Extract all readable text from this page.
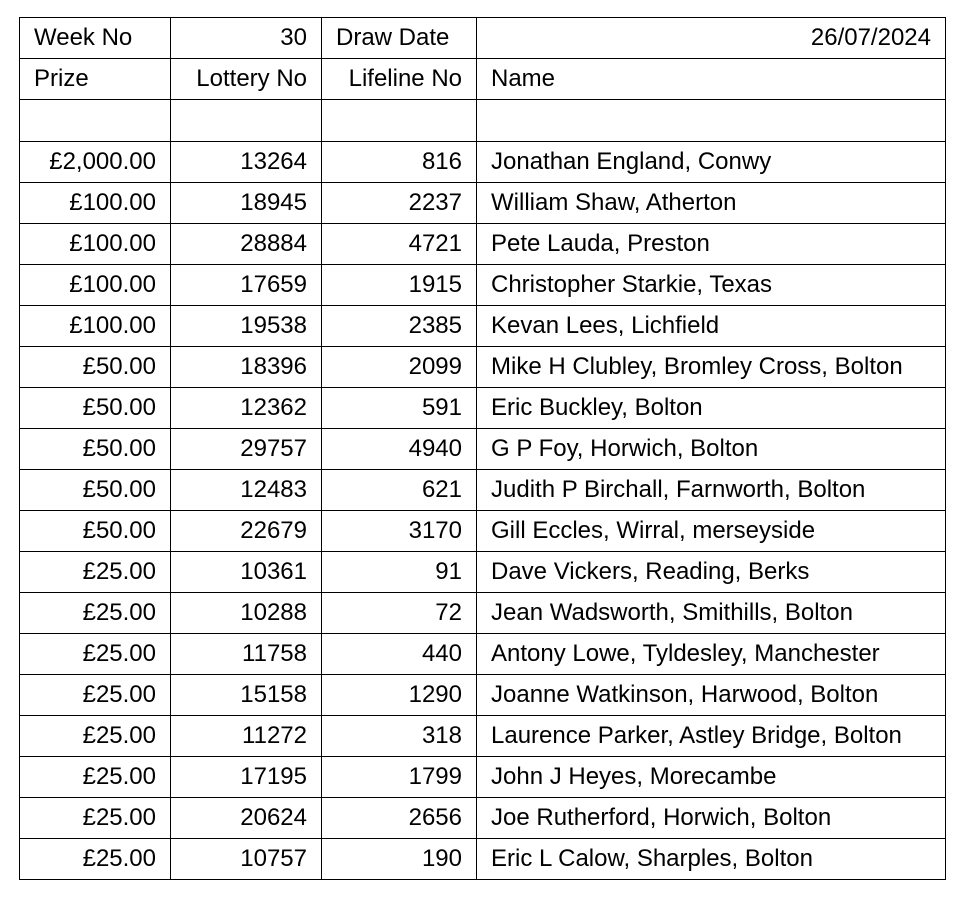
Week No	30	Draw Date	26/07/2024
Prize	Lottery No	Lifeline No	Name

£2,000.00	13264	816	Jonathan England, Conwy
£100.00	18945	2237	William Shaw, Atherton
£100.00	28884	4721	Pete Lauda, Preston
£100.00	17659	1915	Christopher Starkie, Texas
£100.00	19538	2385	Kevan Lees, Lichfield
£50.00	18396	2099	Mike H Clubley, Bromley Cross, Bolton
£50.00	12362	591	Eric Buckley, Bolton
£50.00	29757	4940	G P Foy, Horwich, Bolton
£50.00	12483	621	Judith P Birchall, Farnworth, Bolton
£50.00	22679	3170	Gill Eccles, Wirral, merseyside
£25.00	10361	91	Dave Vickers, Reading, Berks
£25.00	10288	72	Jean Wadsworth, Smithills, Bolton
£25.00	11758	440	Antony Lowe, Tyldesley, Manchester
£25.00	15158	1290	Joanne Watkinson, Harwood, Bolton
£25.00	11272	318	Laurence Parker, Astley Bridge, Bolton
£25.00	17195	1799	John J Heyes, Morecambe
£25.00	20624	2656	Joe Rutherford, Horwich, Bolton
£25.00	10757	190	Eric L Calow, Sharples, Bolton
